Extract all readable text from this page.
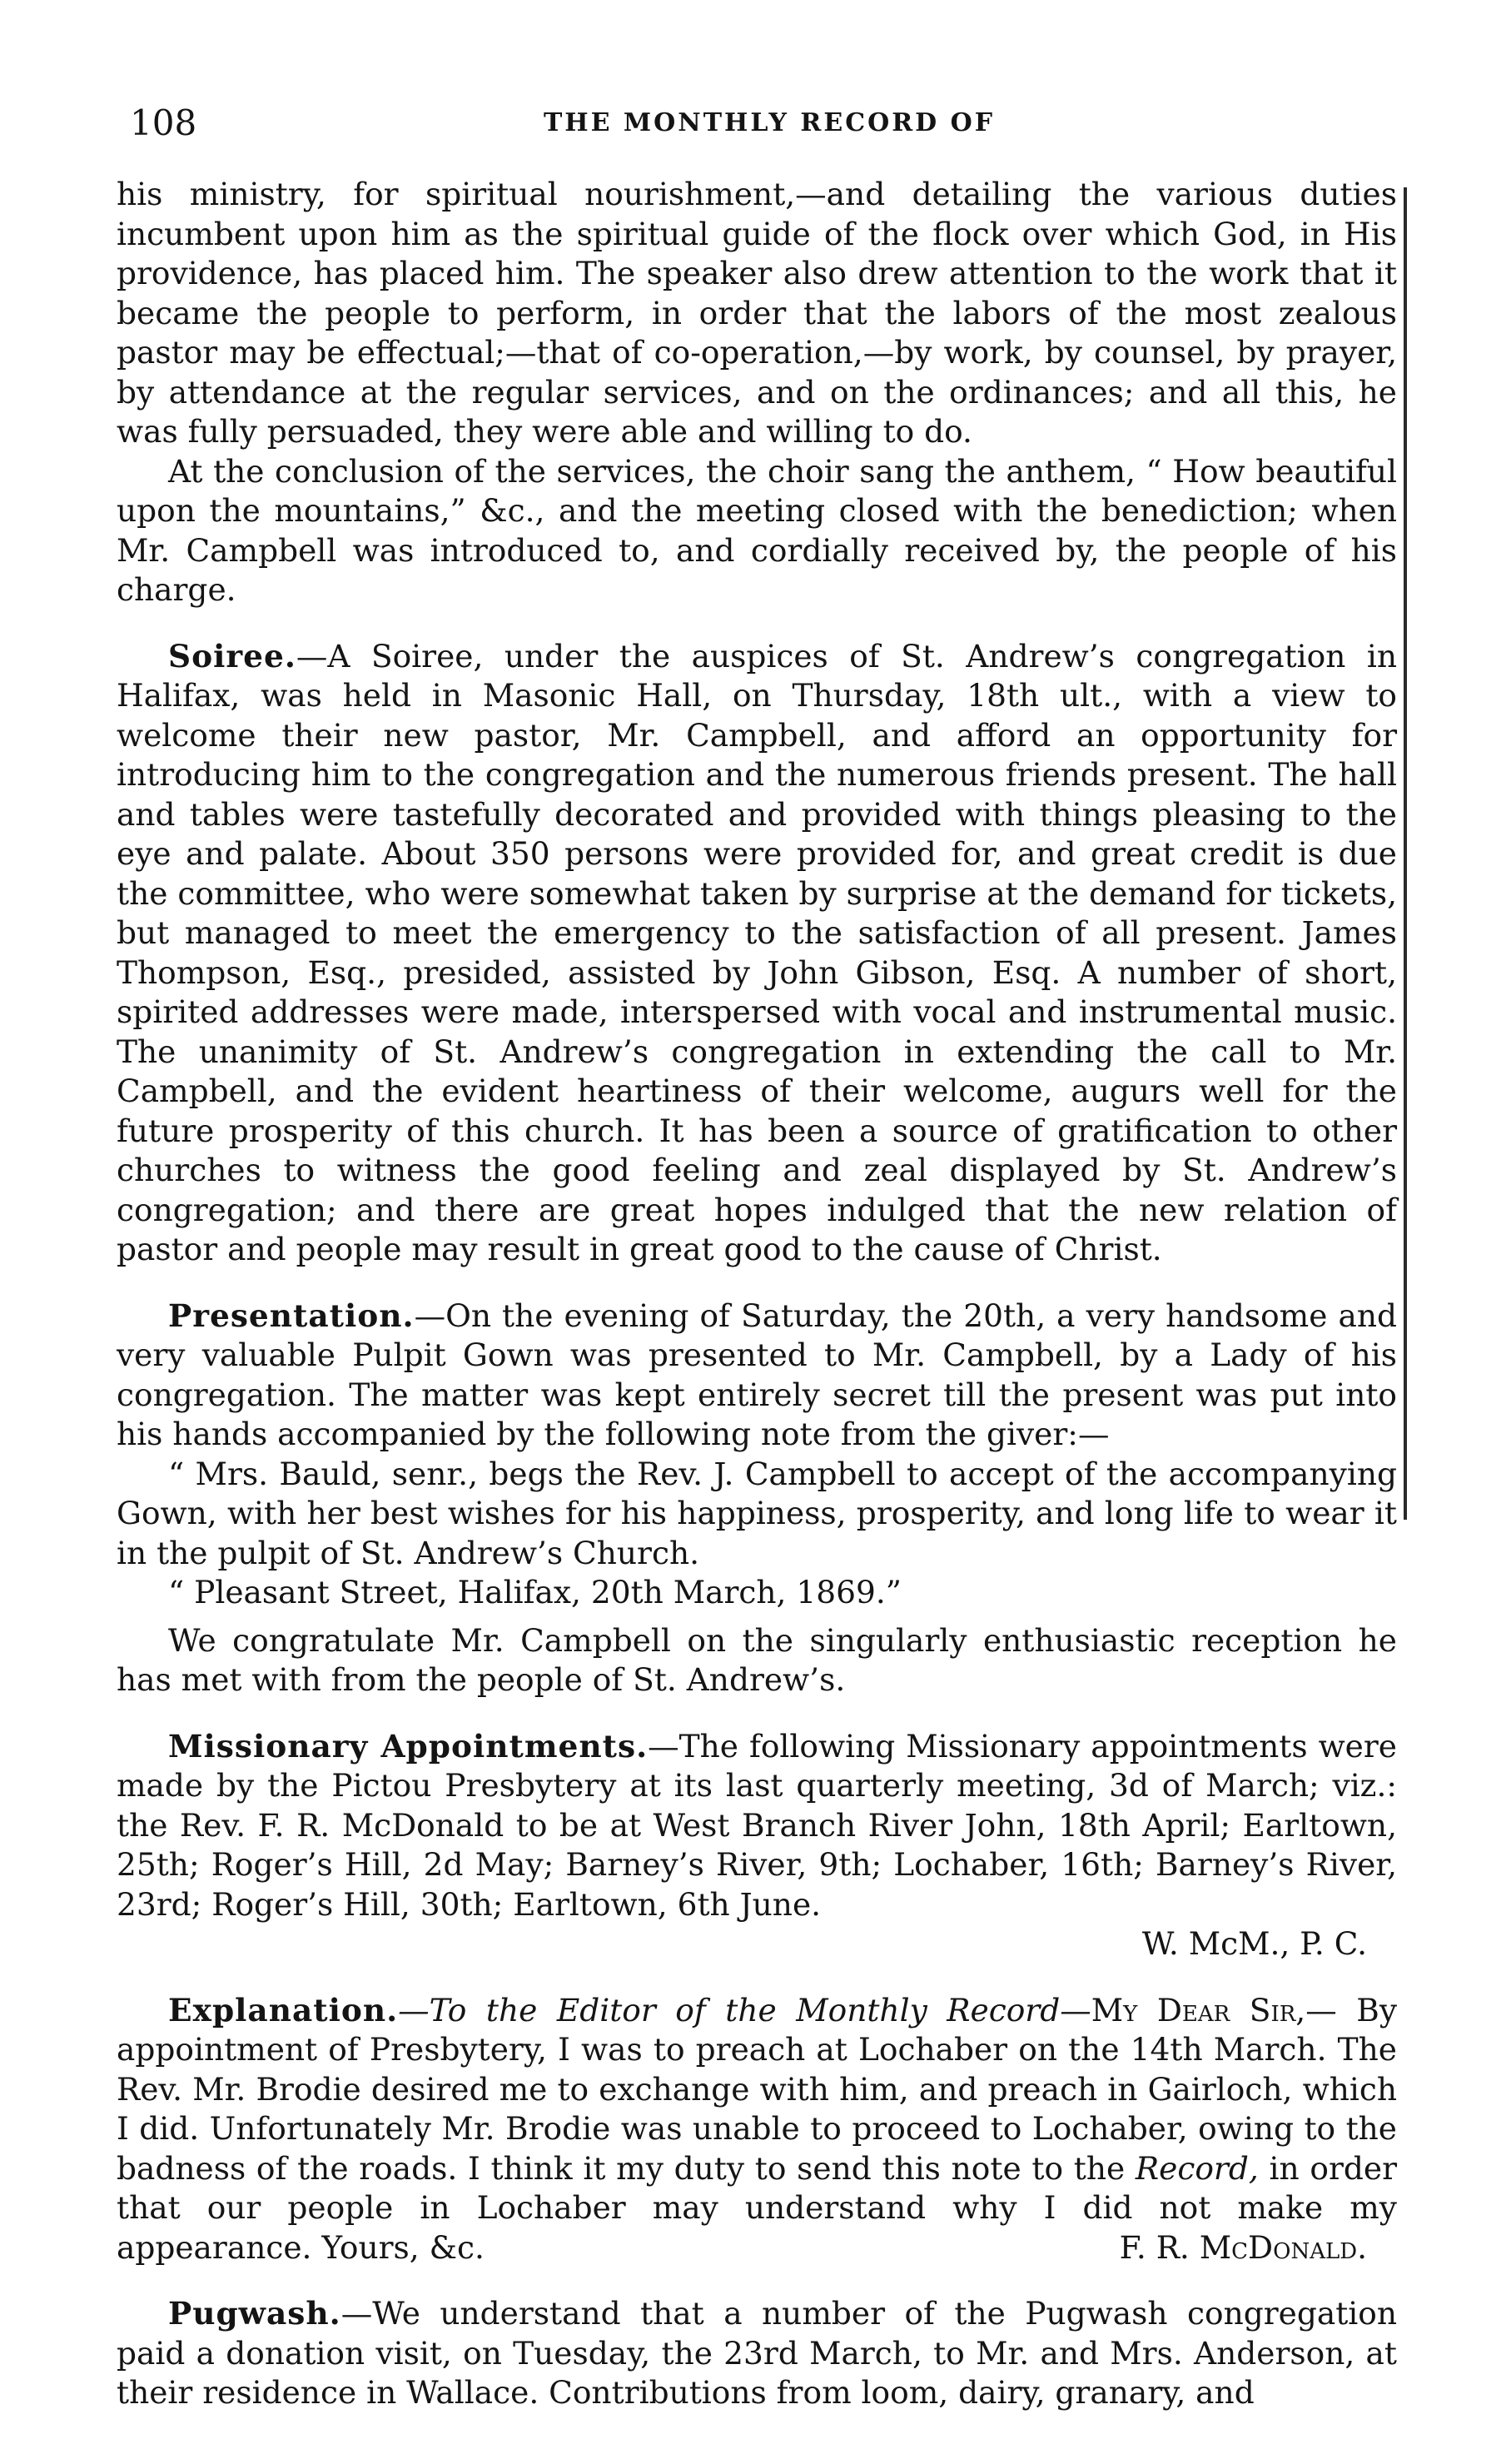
108	THE MONTHLY RECORD OF

his ministry, for spiritual nourishment,—and detailing the various duties incumbent upon him as the spiritual guide of the flock over which God, in His providence, has placed him. The speaker also drew attention to the work that it became the people to perform, in order that the labors of the most zealous pastor may be effectual;—that of co-operation,—by work, by counsel, by prayer, by attendance at the regular services, and on the ordinances; and all this, he was fully persuaded, they were able and willing to do.

At the conclusion of the services, the choir sang the anthem, “ How beautiful upon the mountains,” &c., and the meeting closed with the benediction; when Mr. Campbell was introduced to, and cordially received by, the people of his charge.

Soiree.—A Soiree, under the auspices of St. Andrew’s congregation in Halifax, was held in Masonic Hall, on Thursday, 18th ult., with a view to welcome their new pastor, Mr. Campbell, and afford an opportunity for introducing him to the congregation and the numerous friends present. The hall and tables were tastefully decorated and provided with things pleasing to the eye and palate. About 350 persons were provided for, and great credit is due the committee, who were somewhat taken by surprise at the demand for tickets, but managed to meet the emergency to the satisfaction of all present. James Thompson, Esq., presided, assisted by John Gibson, Esq. A number of short, spirited addresses were made, interspersed with vocal and instrumental music. The unanimity of St. Andrew’s congregation in extending the call to Mr. Campbell, and the evident heartiness of their welcome, augurs well for the future prosperity of this church. It has been a source of gratification to other churches to witness the good feeling and zeal displayed by St. Andrew’s congregation; and there are great hopes indulged that the new relation of pastor and people may result in great good to the cause of Christ.

Presentation.—On the evening of Saturday, the 20th, a very handsome and very valuable Pulpit Gown was presented to Mr. Campbell, by a Lady of his congregation. The matter was kept entirely secret till the present was put into his hands accompanied by the following note from the giver:—

“ Mrs. Bauld, senr., begs the Rev. J. Campbell to accept of the accompanying Gown, with her best wishes for his happiness, prosperity, and long life to wear it in the pulpit of St. Andrew’s Church.

“ Pleasant Street, Halifax, 20th March, 1869.”

We congratulate Mr. Campbell on the singularly enthusiastic reception he has met with from the people of St. Andrew’s.

Missionary Appointments.—The following Missionary appointments were made by the Pictou Presbytery at its last quarterly meeting, 3d of March; viz.: the Rev. F. R. McDonald to be at West Branch River John, 18th April; Earltown, 25th; Roger’s Hill, 2d May; Barney’s River, 9th; Lochaber, 16th; Barney’s River, 23rd; Roger’s Hill, 30th; Earltown, 6th June.

W. McM., P. C.

Explanation.—To the Editor of the Monthly Record—My Dear Sir,— By appointment of Presbytery, I was to preach at Lochaber on the 14th March. The Rev. Mr. Brodie desired me to exchange with him, and preach in Gairloch, which I did. Unfortunately Mr. Brodie was unable to proceed to Lochaber, owing to the badness of the roads. I think it my duty to send this note to the Record, in order that our people in Lochaber may understand why I did not make my appearance. Yours, &c.	F. R. McDonald.

Pugwash.—We understand that a number of the Pugwash congregation paid a donation visit, on Tuesday, the 23rd March, to Mr. and Mrs. Anderson, at their residence in Wallace. Contributions from loom, dairy, granary, and
